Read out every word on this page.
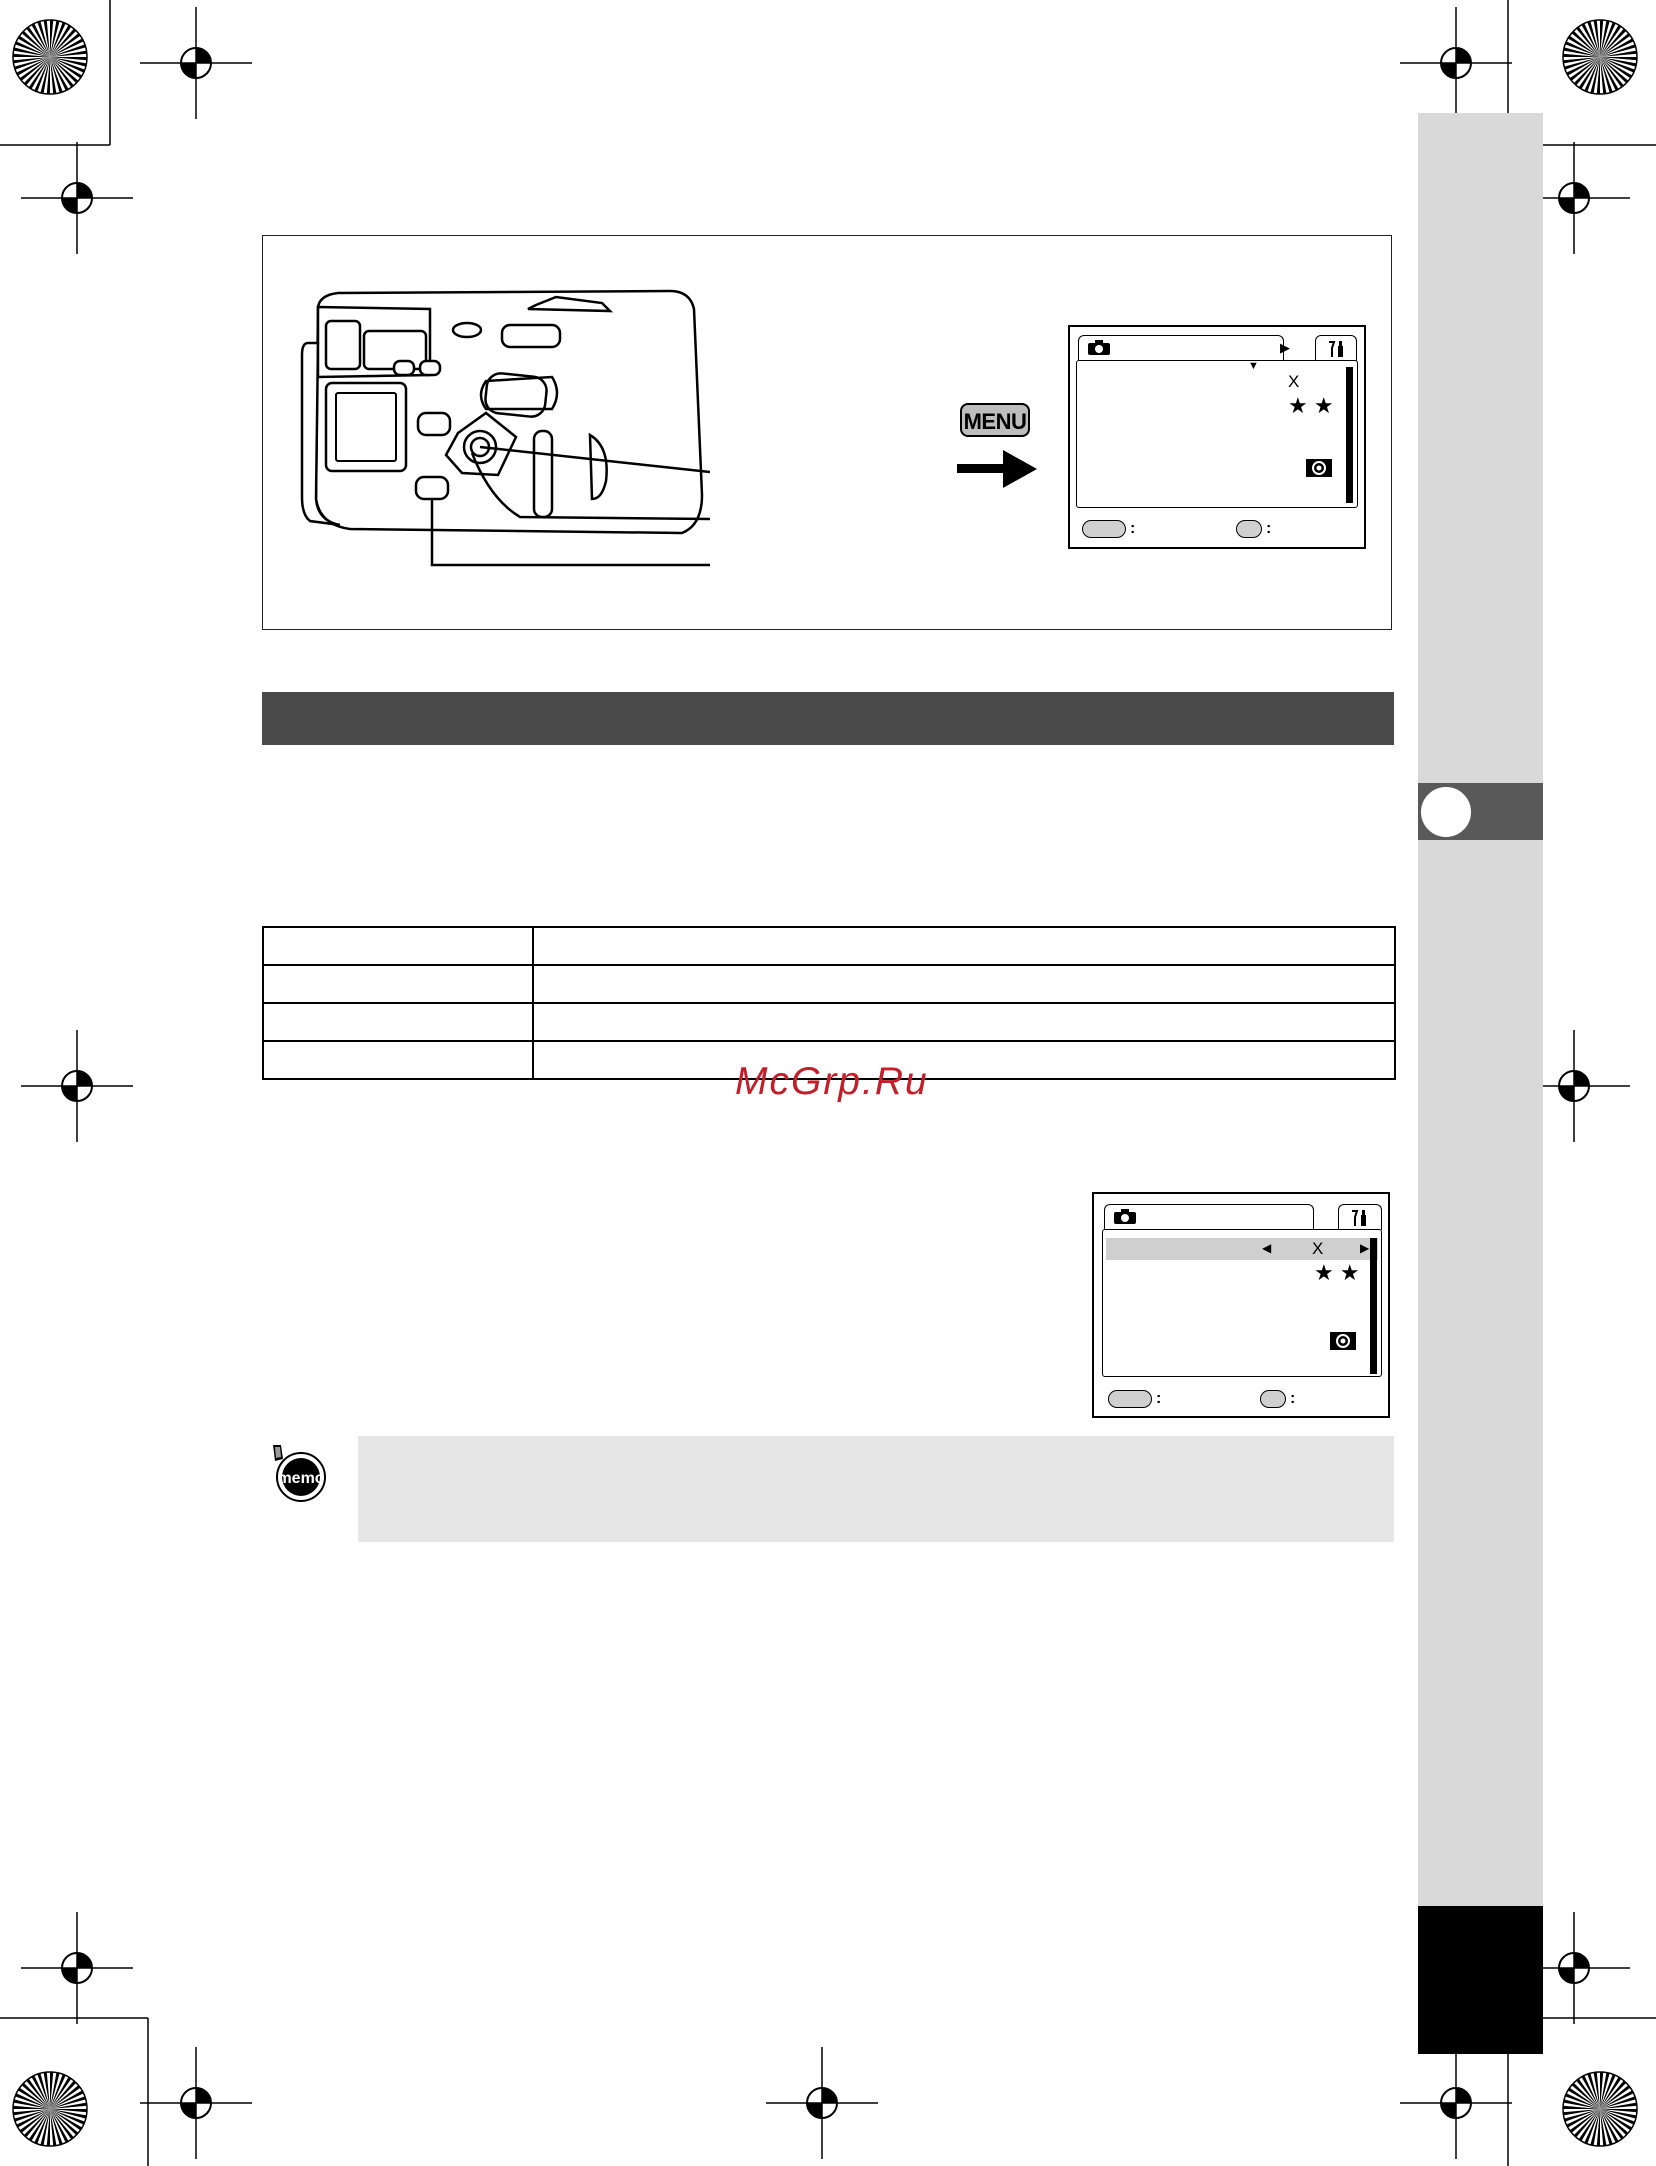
MENU
▶
▼
X
★ ★
:	:

McGrp.Ru
◀ X	▶
★ ★
:	:
memo
